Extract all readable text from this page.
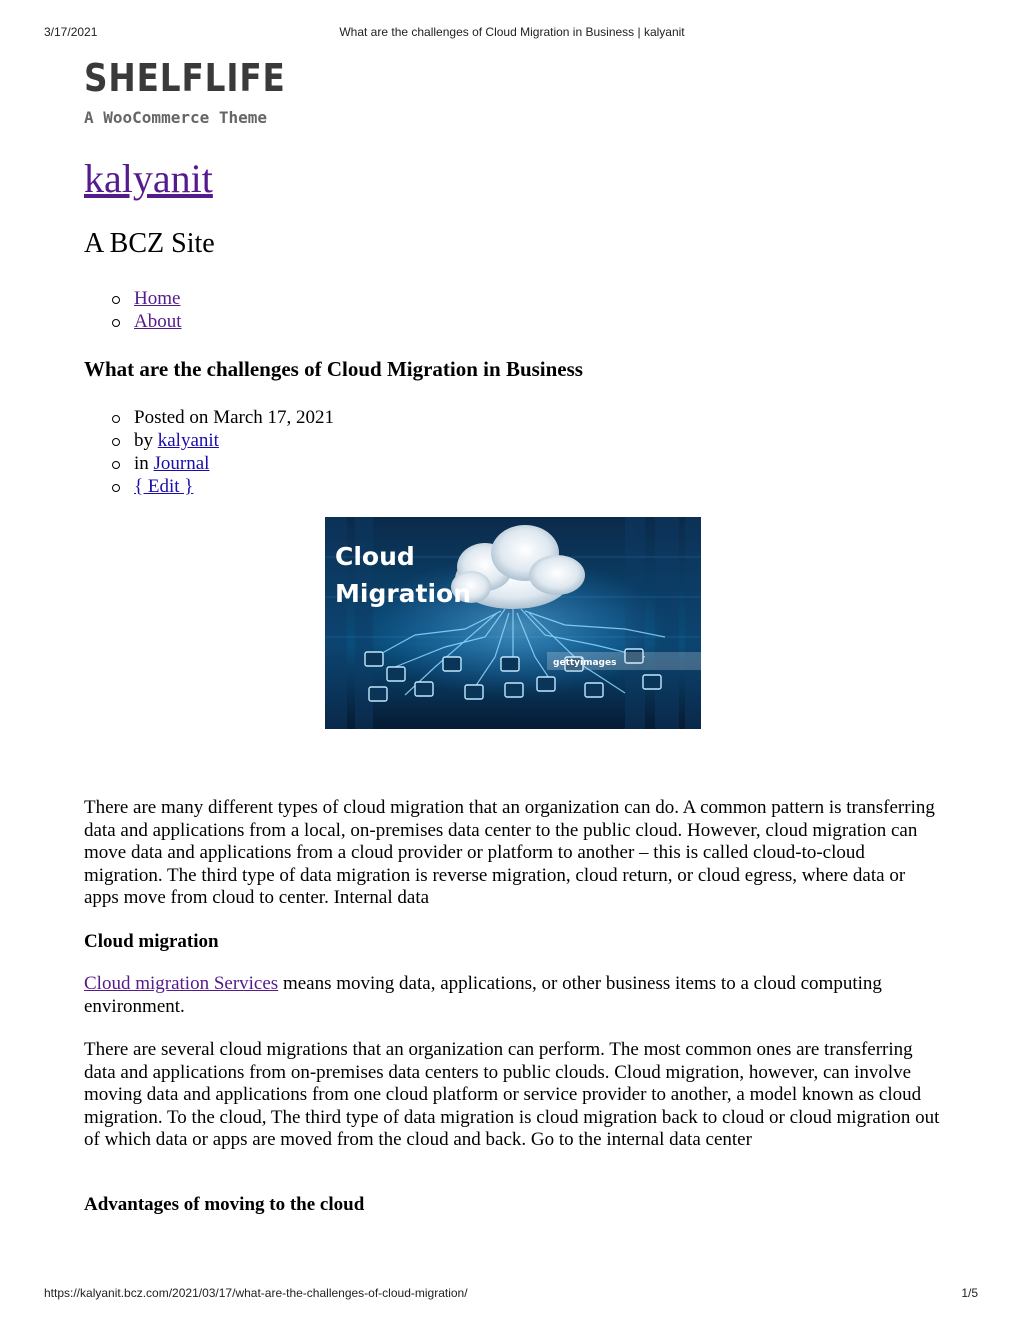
3/17/2021	What are the challenges of Cloud Migration in Business | kalyanit
SHELFLIFE
A WooCommerce Theme
kalyanit
A BCZ Site
Home
About
What are the challenges of Cloud Migration in Business
Posted on March 17, 2021
by kalyanit
in Journal
{ Edit }
Cloud
Migration
gettyimages

There are many different types of cloud migration that an organization can do. A common pattern is transferring data and applications from a local, on-premises data center to the public cloud. However, cloud migration can move data and applications from a cloud provider or platform to another – this is called cloud-to-cloud migration. The third type of data migration is reverse migration, cloud return, or cloud egress, where data or apps move from cloud to center. Internal data

Cloud migration

Cloud migration Services means moving data, applications, or other business items to a cloud computing environment.

There are several cloud migrations that an organization can perform. The most common ones are transferring data and applications from on-premises data centers to public clouds. Cloud migration, however, can involve moving data and applications from one cloud platform or service provider to another, a model known as cloud migration. To the cloud, The third type of data migration is cloud migration back to cloud or cloud migration out of which data or apps are moved from the cloud and back. Go to the internal data center

Advantages of moving to the cloud

https://kalyanit.bcz.com/2021/03/17/what-are-the-challenges-of-cloud-migration/	1/5
